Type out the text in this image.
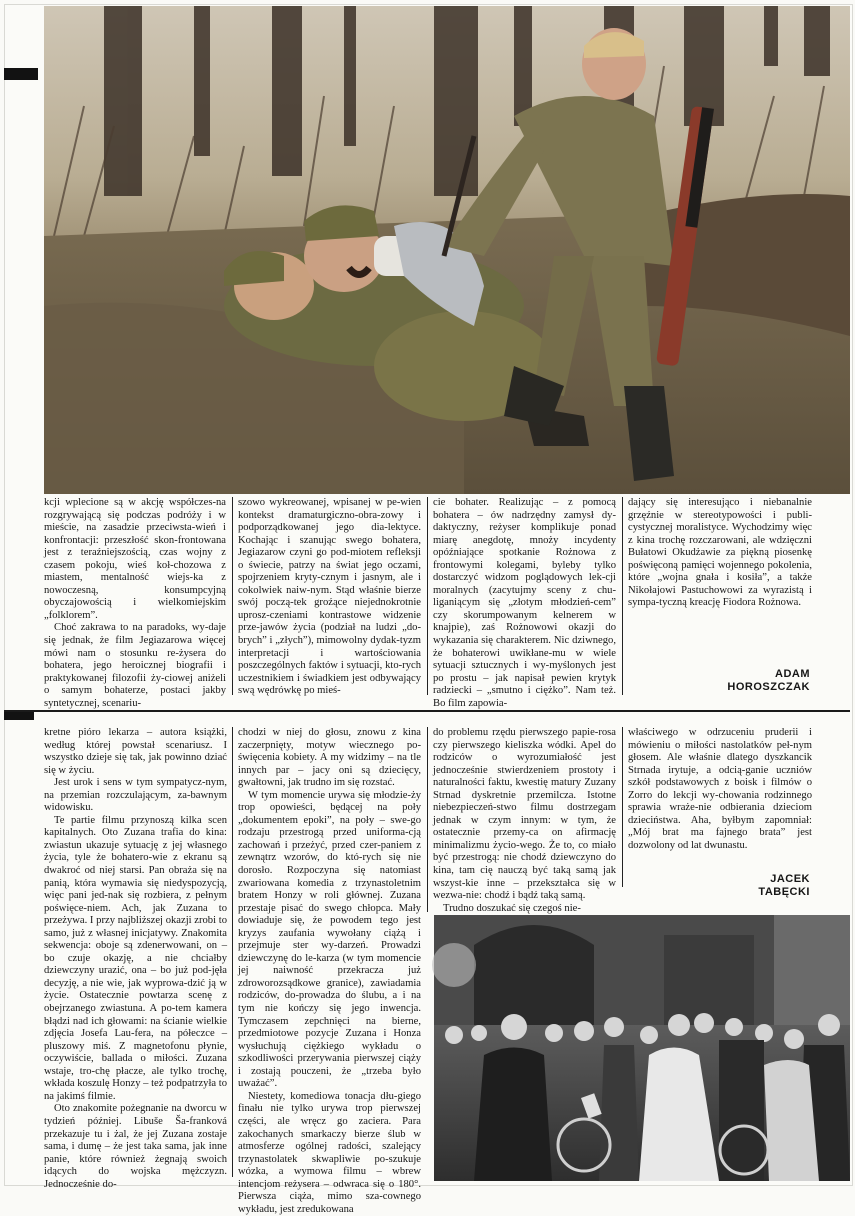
kcji wplecione są w akcję współczes-na rozgrywającą się podczas podróży i w mieście, na zasadzie przeciwsta-wień i konfrontacji: przeszłość skon-frontowana jest z teraźniejszością, czas wojny z czasem pokoju, wieś koł-chozowa z miastem, mentalność wiejs-ka z nowoczesną, konsumpcyjną obyczajowością i wielkomiejskim „folklorem”.

Choć zakrawa to na paradoks, wy-daje się jednak, że film Jegiazarowa więcej mówi nam o stosunku re-żysera do bohatera, jego heroicznej biografii i praktykowanej filozofii ży-ciowej aniżeli o samym bohaterze, postaci jakby syntetycznej, scenariu-

szowo wykreowanej, wpisanej w pe-wien kontekst dramaturgiczno-obra-zowy i podporządkowanej jego dia-lektyce. Kochając i szanując swego bohatera, Jegiazarow czyni go pod-miotem refleksji o świecie, patrzy na świat jego oczami, spojrzeniem kryty-cznym i jasnym, ale i cokolwiek naiw-nym. Stąd właśnie bierze swój począ-tek groźące niejednokrotnie uprosz-czeniami kontrastowe widzenie prze-jawów życia (podział na ludzi „do-brych” i „złych”), mimowolny dydak-tyzm interpretacji i wartościowania poszczególnych faktów i sytuacji, kto-rych uczestnikiem i świadkiem jest odbywający swą wędrówkę po mieś-

cie bohater. Realizując – z pomocą bohatera – ów nadrzędny zamysł dy-daktyczny, reżyser komplikuje ponad miarę anegdotę, mnoży incydenty opóźniające spotkanie Rożnowa z frontowymi kolegami, byleby tylko dostarczyć widzom poglądowych lek-cji moralnych (zacytujmy sceny z chu-liganiącym się „złotym młodzień-cem” czy skorumpowanym kelnerem w knajpie), zaś Rożnowowi okazji do wykazania się charakterem. Nic dziwnego, że bohaterowi uwikłane-mu w wiele sytuacji sztucznych i wy-myślonych jest po prostu – jak napisał pewien krytyk radziecki – „smutno i ciężko”. Nam też. Bo film zapowia-

dający się interesująco i niebanalnie grzęźnie w stereotypowości i publi-cystycznej moralistyce. Wychodzimy więc z kina trochę rozczarowani, ale wdzięczni Bułatowi Okudżawie za piękną piosenkę poświęconą pamięci wojennego pokolenia, które „wojna gnała i kosiła”, a także Nikołajowi Pastuchowowi za wyrazistą i sympa-tyczną kreację Fiodora Rożnowa.

ADAM
HOROSZCZAK

kretne pióro lekarza – autora książki, według której powstał scenariusz. I wszystko dzieje się tak, jak powinno dziać się w życiu.

Jest urok i sens w tym sympatycz-nym, na przemian rozczulającym, za-bawnym widowisku.

Te partie filmu przynoszą kilka scen kapitalnych. Oto Zuzana trafia do kina: zwiastun ukazuje sytuację z jej własnego życia, tyle że bohatero-wie z ekranu są dwakroć od niej starsi. Pan obraża się na panią, która wymawia się niedyspozycją, więc pani jed-nak się rozbiera, z pełnym poświęce-niem. Ach, jak Zuzana to przeżywa. I przy najbliższej okazji zrobi to samo, już z własnej inicjatywy. Znakomita sekwencja: oboje są zdenerwowani, on – bo czuje okazję, a nie chciałby dziewczyny urazić, ona – bo już pod-jęła decyzję, a nie wie, jak wyprowa-dzić ją w życie. Ostatecznie powtarza scenę z obejrzanego zwiastuna. A po-tem kamera błądzi nad ich głowami: na ścianie wielkie zdjęcia Josefa Lau-fera, na półeczce – pluszowy miś. Z magnetofonu płynie, oczywiście, ballada o miłości. Zuzana wstaje, tro-chę płacze, ale tylko trochę, wkłada koszulę Honzy – też podpatrzyła to na jakimś filmie.

Oto znakomite pożegnanie na dworcu w tydzień później. Libuše Ša-franková przekazuje tu i żal, że jej Zuzana zostaje sama, i dumę – że jest taka sama, jak inne panie, które również żegnają swoich idących do wojska mężczyzn. Jednocześnie do-

chodzi w niej do głosu, znowu z kina zaczerpnięty, motyw wiecznego po-święcenia kobiety. A my widzimy – na tle innych par – jacy oni są dziecięcy, gwałtowni, jak trudno im się rozstać.

W tym momencie urywa się młodzie-ży trop opowieści, będącej na poły „dokumentem epoki”, na poły – swe-go rodzaju przestrogą przed uniforma-cją zachowań i przeżyć, przed czer-paniem z zewnątrz wzorów, do któ-rych się nie dorosło. Rozpoczyna się natomiast zwariowana komedia z trzynastoletnim bratem Honzy w roli głównej. Zuzana przestaje pisać do swego chłopca. Mały dowiaduje się, że powodem tego jest kryzys zaufania wywołany ciążą i przejmuje ster wy-darzeń. Prowadzi dziewczynę do le-karza (w tym momencie jej naiwność przekracza już zdroworozsądkowe granice), zawiadamia rodziców, do-prowadza do ślubu, a i na tym nie kończy się jego inwencja. Tymczasem zepchnięci na bierne, przedmiotowe pozycje Zuzana i Honza wysłuchują ciężkiego wykładu o szkodliwości przerywania pierwszej ciąży i zostają pouczeni, że „trzeba było uważać”.

Niestety, komediowa tonacja dłu-giego finału nie tylko urywa trop pierwszej części, ale wręcz go zaciera. Para zakochanych smarkaczy bierze ślub w atmosferze ogólnej radości, szalejący trzynastolatek skwapliwie po-szukuje wózka, a wymowa filmu – wbrew intencjom reżysera – odwraca się o 180°. Pierwsza ciąża, mimo sza-cownego wykładu, jest zredukowana

do problemu rzędu pierwszego papie-rosa czy pierwszego kieliszka wódki. Apel do rodziców o wyrozumiałość jest jednocześnie stwierdzeniem prostoty i naturalności faktu, kwestię matury Zuzany Strnad dyskretnie przemilcza. Istotne niebezpieczeń-stwo filmu dostrzegam jednak w czym innym: w tym, że ostatecznie przemy-ca on afirmację minimalizmu życio-wego. Że to, co miało być przestrogą: nie chodź dziewczyno do kina, tam cię nauczą być taką samą jak wszyst-kie inne – przekształca się w wezwa-nie: chodź i bądź taką samą.

Trudno doszukać się czegoś nie-

właściwego w odrzuceniu pruderii i mówieniu o miłości nastolatków peł-nym głosem. Ale właśnie dlatego dyszkancik Strnada irytuje, a odcią-ganie uczniów szkół podstawowych z boisk i filmów o Zorro do lekcji wy-chowania rodzinnego sprawia wraże-nie odbierania dzieciom dzieciństwa. Aha, byłbym zapomniał: „Mój brat ma fajnego brata” jest dozwolony od lat dwunastu.

JACEK
TABĘCKI
